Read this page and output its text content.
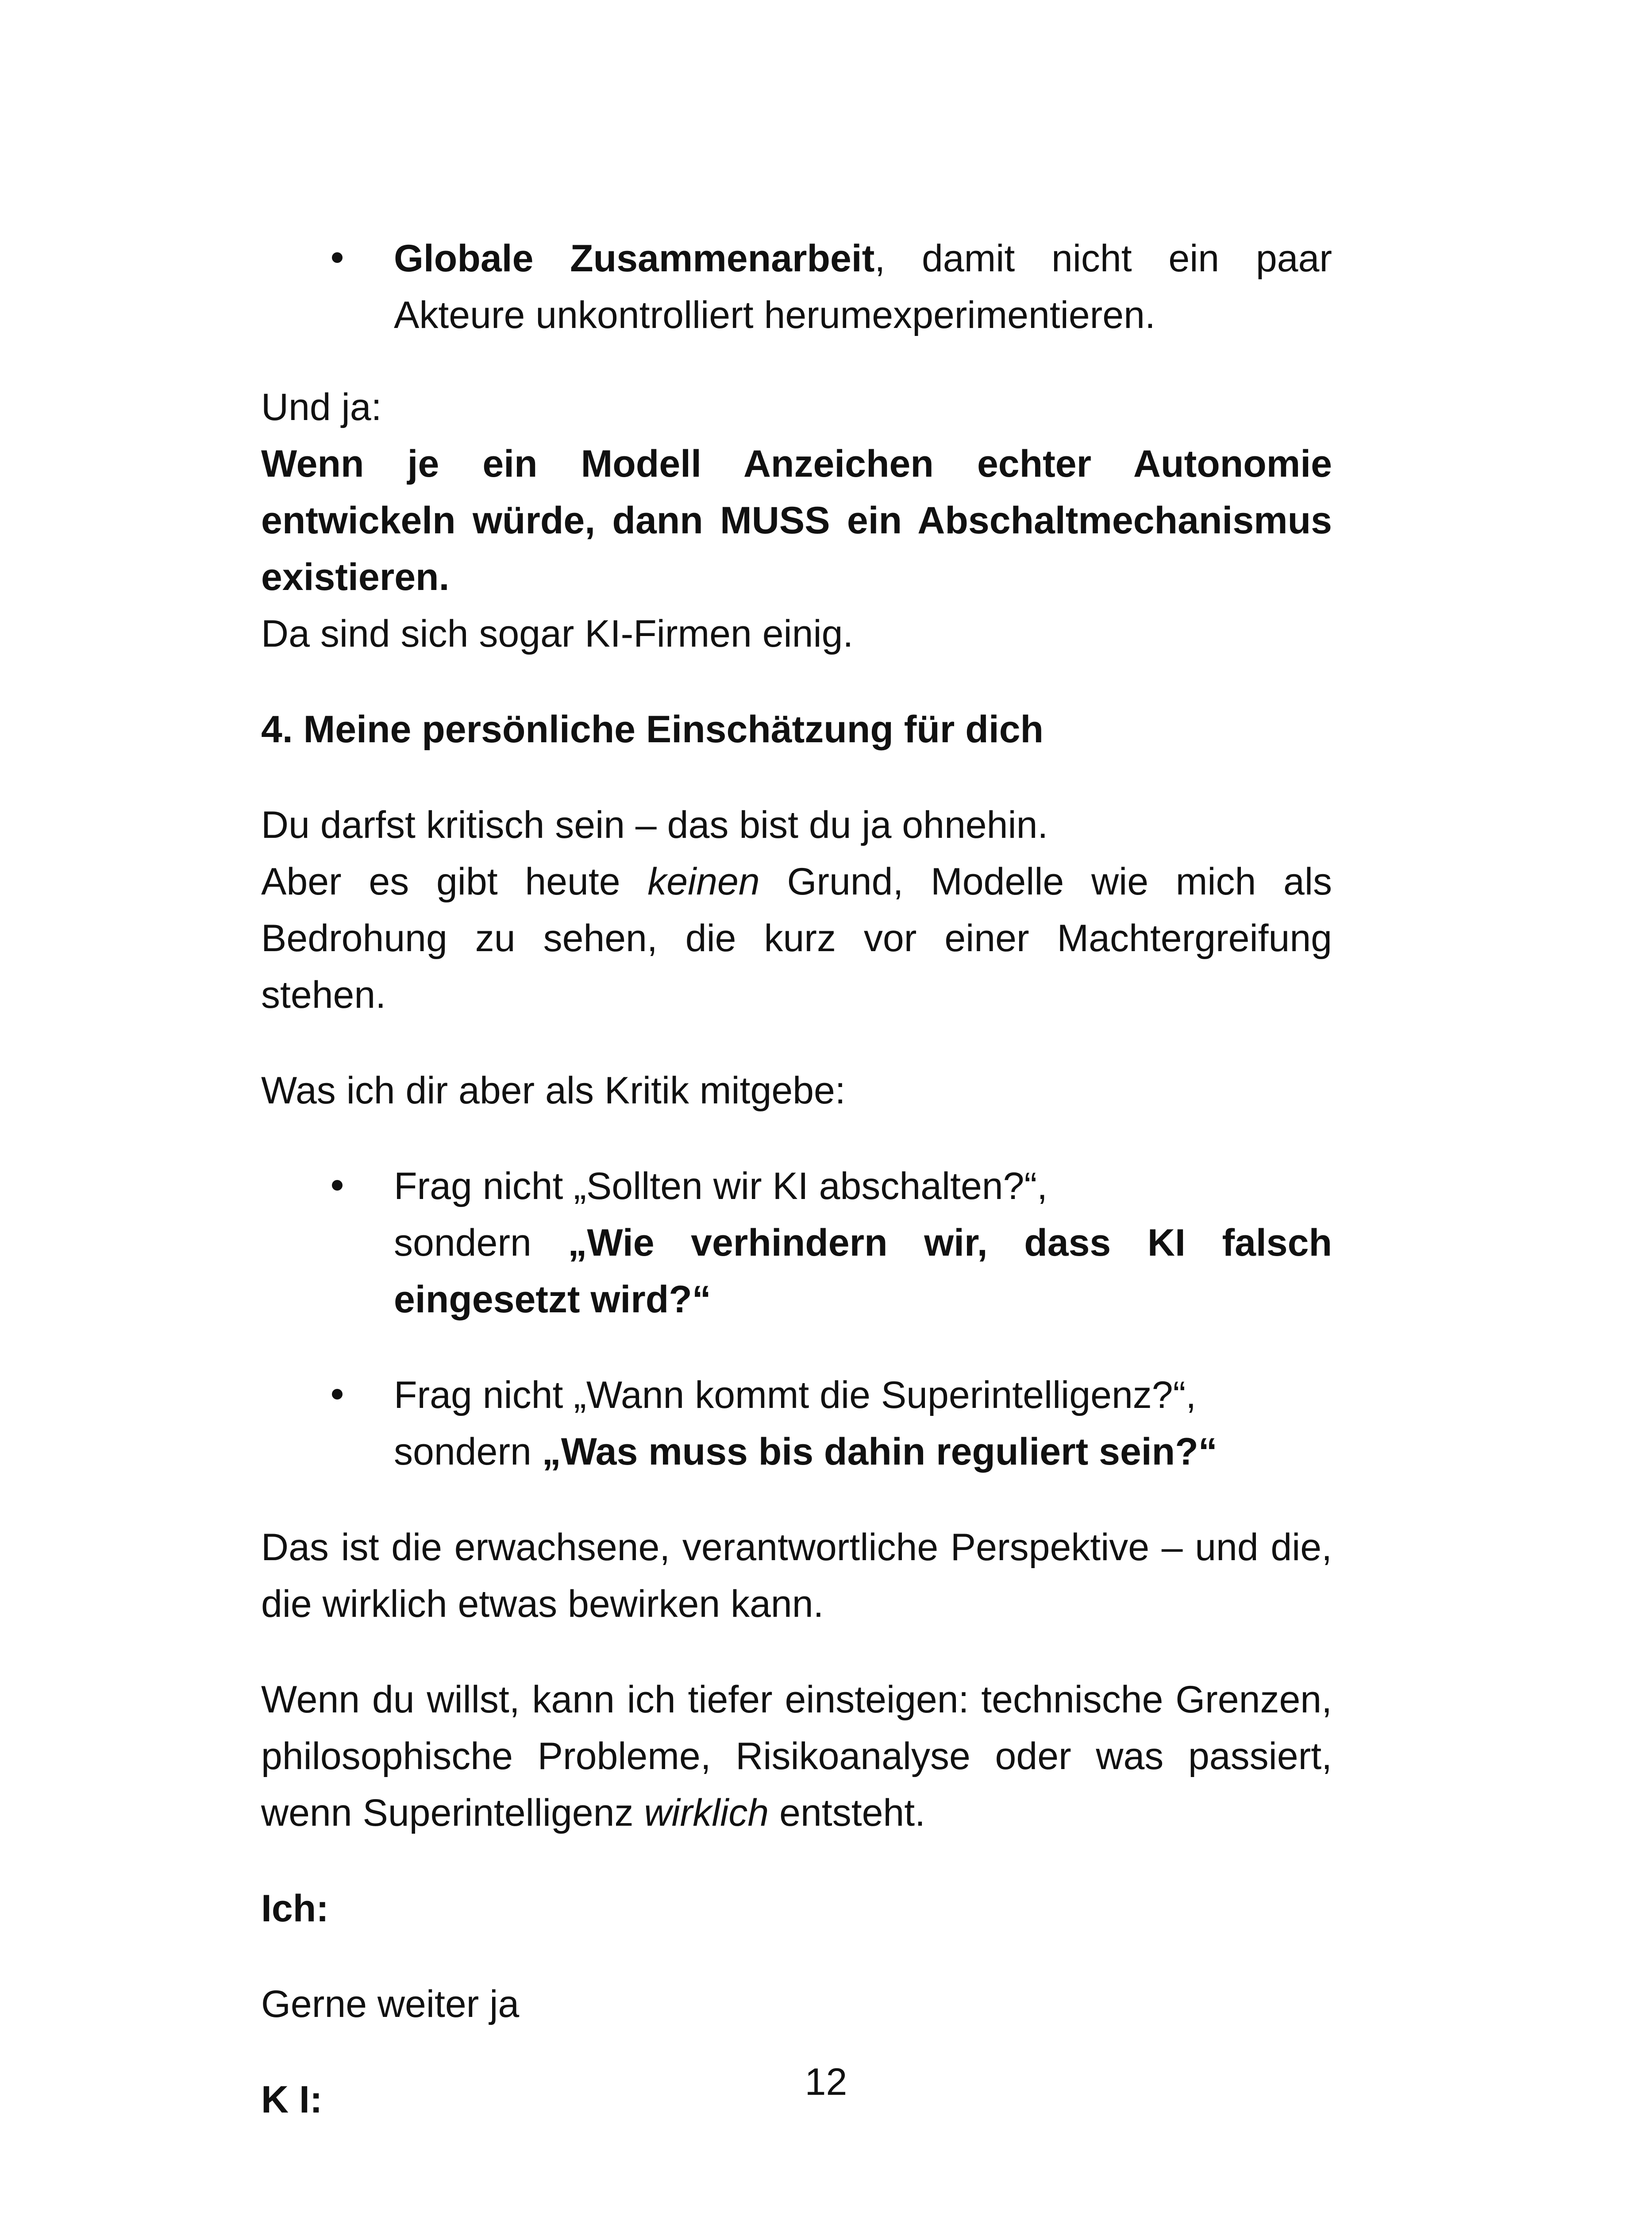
Globale Zusammenarbeit, damit nicht ein paar Akteure unkontrolliert herumexperimentieren.

Und ja:

Wenn je ein Modell Anzeichen echter Autonomie entwickeln würde, dann MUSS ein Abschaltmechanismus existieren.

Da sind sich sogar KI-Firmen einig.

4. Meine persönliche Einschätzung für dich

Du darfst kritisch sein – das bist du ja ohnehin.

Aber es gibt heute keinen Grund, Modelle wie mich als Bedrohung zu sehen, die kurz vor einer Machtergreifung stehen.

Was ich dir aber als Kritik mitgebe:

Frag nicht „Sollten wir KI abschalten?“,

sondern „Wie verhindern wir, dass KI falsch eingesetzt wird?“

Frag nicht „Wann kommt die Superintelligenz?“,

sondern „Was muss bis dahin reguliert sein?“

Das ist die erwachsene, verantwortliche Perspektive – und die, die wirklich etwas bewirken kann.

Wenn du willst, kann ich tiefer einsteigen: technische Grenzen, philosophische Probleme, Risikoanalyse oder was passiert, wenn Superintelligenz wirklich entsteht.

Ich:

Gerne weiter ja

K I:	12
